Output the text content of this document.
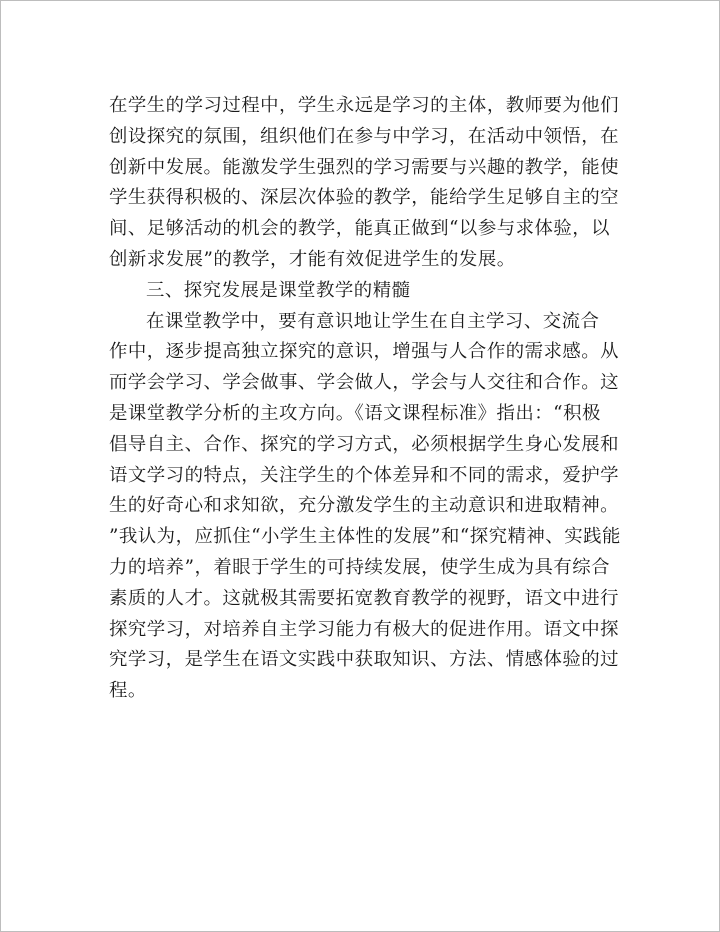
在学生的学习过程中，学生永远是学习的主体，教师要为他们
创设探究的氛围，组织他们在参与中学习，在活动中领悟，在
创新中发展。能激发学生强烈的学习需要与兴趣的教学，能使
学生获得积极的、深层次体验的教学，能给学生足够自主的空
间、足够活动的机会的教学，能真正做到“以参与求体验，以
创新求发展”的教学，才能有效促进学生的发展。
三、探究发展是课堂教学的精髓
在课堂教学中，要有意识地让学生在自主学习、交流合
作中，逐步提高独立探究的意识，增强与人合作的需求感。从
而学会学习、学会做事、学会做人，学会与人交往和合作。这
是课堂教学分析的主攻方向。《语文课程标准》指出：“积极
倡导自主、合作、探究的学习方式，必须根据学生身心发展和
语文学习的特点，关注学生的个体差异和不同的需求，爱护学
生的好奇心和求知欲，充分激发学生的主动意识和进取精神。
”我认为，应抓住“小学生主体性的发展”和“探究精神、实践能
力的培养”，着眼于学生的可持续发展，使学生成为具有综合
素质的人才。这就极其需要拓宽教育教学的视野，语文中进行
探究学习，对培养自主学习能力有极大的促进作用。语文中探
究学习，是学生在语文实践中获取知识、方法、情感体验的过
程。
